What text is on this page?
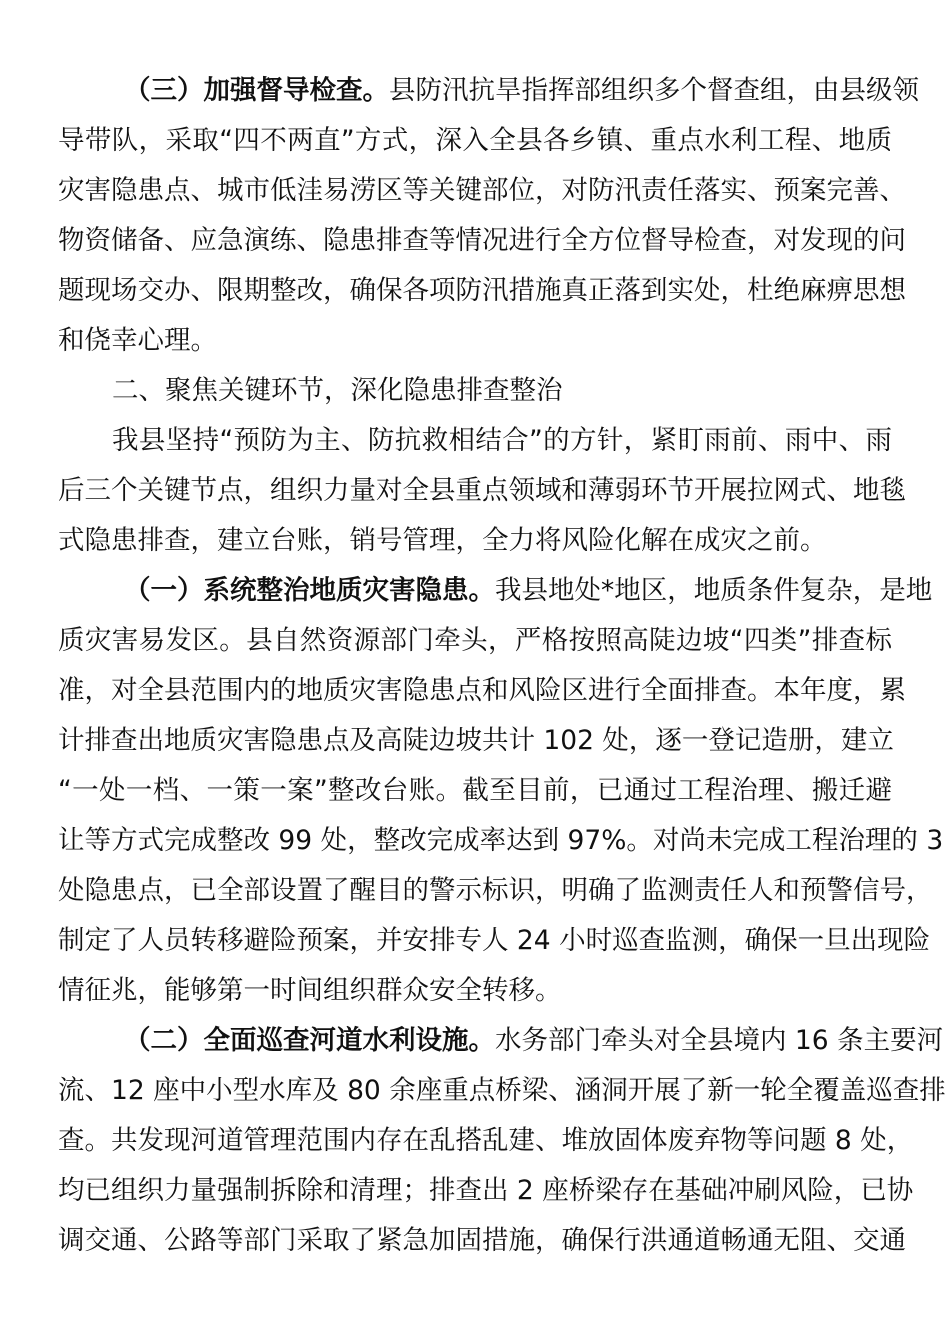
（三）加强督导检查。县防汛抗旱指挥部组织多个督查组，由县级领
导带队，采取“四不两直”方式，深入全县各乡镇、重点水利工程、地质
灾害隐患点、城市低洼易涝区等关键部位，对防汛责任落实、预案完善、
物资储备、应急演练、隐患排查等情况进行全方位督导检查，对发现的问
题现场交办、限期整改，确保各项防汛措施真正落到实处，杜绝麻痹思想
和侥幸心理。
二、聚焦关键环节，深化隐患排查整治
我县坚持“预防为主、防抗救相结合”的方针，紧盯雨前、雨中、雨
后三个关键节点，组织力量对全县重点领域和薄弱环节开展拉网式、地毯
式隐患排查，建立台账，销号管理，全力将风险化解在成灾之前。
（一）系统整治地质灾害隐患。我县地处*地区，地质条件复杂，是地
质灾害易发区。县自然资源部门牵头，严格按照高陡边坡“四类”排查标
准，对全县范围内的地质灾害隐患点和风险区进行全面排查。本年度，累
计排查出地质灾害隐患点及高陡边坡共计 102 处，逐一登记造册，建立
“一处一档、一策一案”整改台账。截至目前，已通过工程治理、搬迁避
让等方式完成整改 99 处，整改完成率达到 97%。对尚未完成工程治理的 3
处隐患点，已全部设置了醒目的警示标识，明确了监测责任人和预警信号，
制定了人员转移避险预案，并安排专人 24 小时巡查监测，确保一旦出现险
情征兆，能够第一时间组织群众安全转移。
（二）全面巡查河道水利设施。水务部门牵头对全县境内 16 条主要河
流、12 座中小型水库及 80 余座重点桥梁、涵洞开展了新一轮全覆盖巡查排
查。共发现河道管理范围内存在乱搭乱建、堆放固体废弃物等问题 8 处，
均已组织力量强制拆除和清理；排查出 2 座桥梁存在基础冲刷风险，已协
调交通、公路等部门采取了紧急加固措施，确保行洪通道畅通无阻、交通
